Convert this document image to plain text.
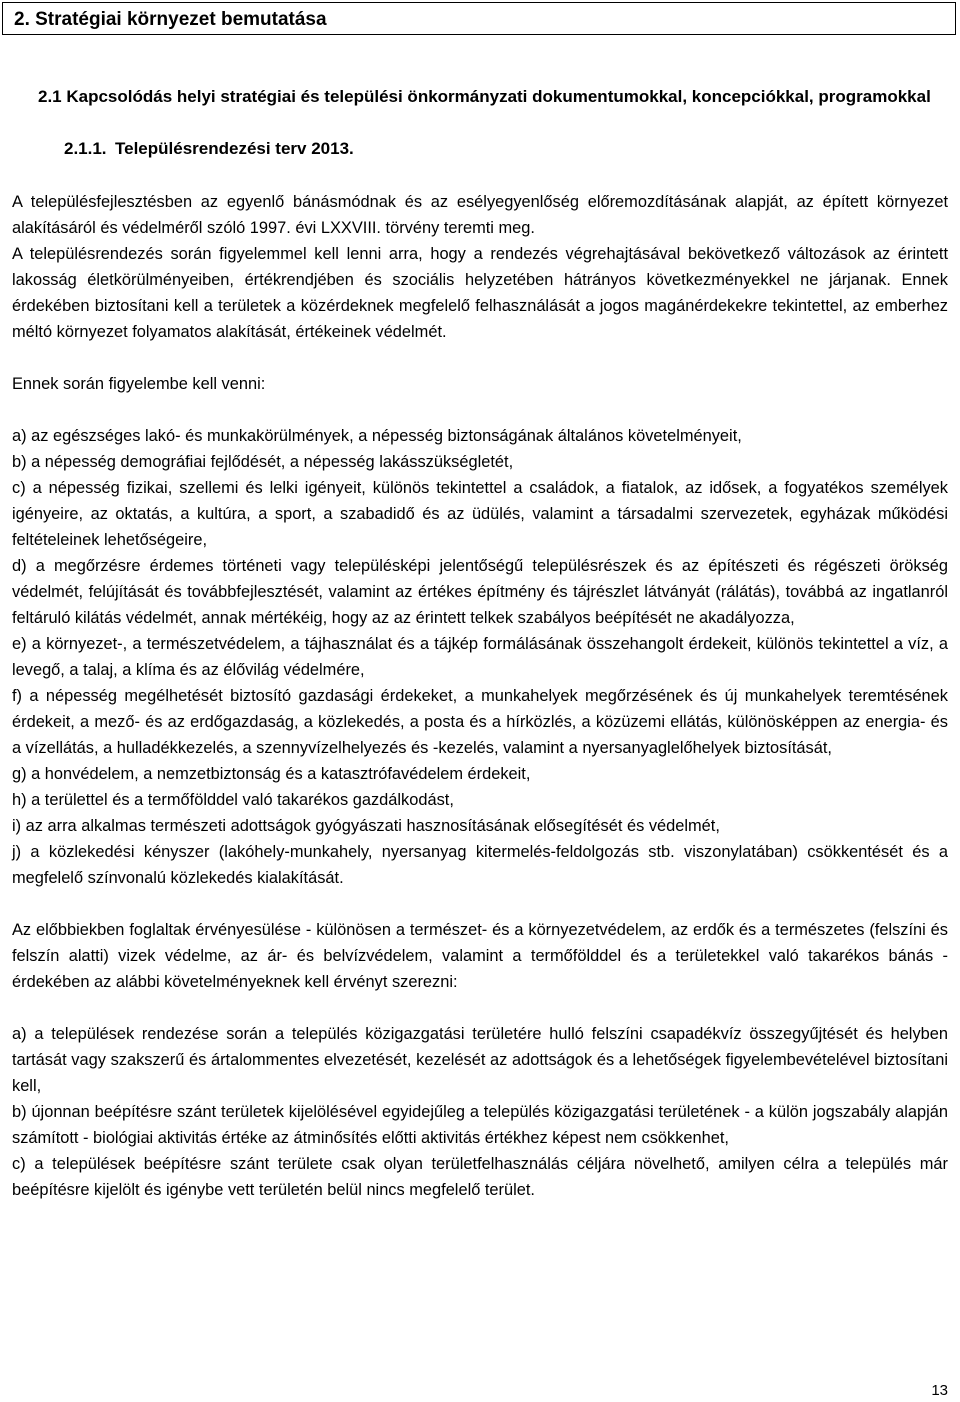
2. Stratégiai környezet bemutatása
2.1 Kapcsolódás helyi stratégiai és települési önkormányzati dokumentumokkal, koncepciókkal, programokkal
2.1.1. Településrendezési terv 2013.

A településfejlesztésben az egyenlő bánásmódnak és az esélyegyenlőség előremozdításának alapját, az épített környezet alakításáról és védelméről szóló 1997. évi LXXVIII. törvény teremti meg.

A településrendezés során figyelemmel kell lenni arra, hogy a rendezés végrehajtásával bekövetkező változások az érintett lakosság életkörülményeiben, értékrendjében és szociális helyzetében hátrányos következményekkel ne járjanak. Ennek érdekében biztosítani kell a területek a közérdeknek megfelelő felhasználását a jogos magánérdekekre tekintettel, az emberhez méltó környezet folyamatos alakítását, értékeinek védelmét.

Ennek során figyelembe kell venni:

a) az egészséges lakó- és munkakörülmények, a népesség biztonságának általános követelményeit,

b) a népesség demográfiai fejlődését, a népesség lakásszükségletét,

c) a népesség fizikai, szellemi és lelki igényeit, különös tekintettel a családok, a fiatalok, az idősek, a fogyatékos személyek igényeire, az oktatás, a kultúra, a sport, a szabadidő és az üdülés, valamint a társadalmi szervezetek, egyházak működési feltételeinek lehetőségeire,

d) a megőrzésre érdemes történeti vagy településképi jelentőségű településrészek és az építészeti és régészeti örökség védelmét, felújítását és továbbfejlesztését, valamint az értékes építmény és tájrészlet látványát (rálátás), továbbá az ingatlanról feltáruló kilátás védelmét, annak mértékéig, hogy az az érintett telkek szabályos beépítését ne akadályozza,

e) a környezet-, a természetvédelem, a tájhasználat és a tájkép formálásának összehangolt érdekeit, különös tekintettel a víz, a levegő, a talaj, a klíma és az élővilág védelmére,

f) a népesség megélhetését biztosító gazdasági érdekeket, a munkahelyek megőrzésének és új munkahelyek teremtésének érdekeit, a mező- és az erdőgazdaság, a közlekedés, a posta és a hírközlés, a közüzemi ellátás, különösképpen az energia- és a vízellátás, a hulladékkezelés, a szennyvízelhelyezés és -kezelés, valamint a nyersanyaglelőhelyek biztosítását,

g) a honvédelem, a nemzetbiztonság és a katasztrófavédelem érdekeit,

h) a területtel és a termőfölddel való takarékos gazdálkodást,

i) az arra alkalmas természeti adottságok gyógyászati hasznosításának elősegítését és védelmét,

j) a közlekedési kényszer (lakóhely-munkahely, nyersanyag kitermelés-feldolgozás stb. viszonylatában) csökkentését és a megfelelő színvonalú közlekedés kialakítását.

Az előbbiekben foglaltak érvényesülése - különösen a természet- és a környezetvédelem, az erdők és a természetes (felszíni és felszín alatti) vizek védelme, az ár- és belvízvédelem, valamint a termőfölddel és a területekkel való takarékos bánás - érdekében az alábbi követelményeknek kell érvényt szerezni:

a) a települések rendezése során a település közigazgatási területére hulló felszíni csapadékvíz összegyűjtését és helyben tartását vagy szakszerű és ártalommentes elvezetését, kezelését az adottságok és a lehetőségek figyelembevételével biztosítani kell,

b) újonnan beépítésre szánt területek kijelölésével egyidejűleg a település közigazgatási területének - a külön jogszabály alapján számított - biológiai aktivitás értéke az átminősítés előtti aktivitás értékhez képest nem csökkenhet,

c) a települések beépítésre szánt területe csak olyan területfelhasználás céljára növelhető, amilyen célra a település már beépítésre kijelölt és igénybe vett területén belül nincs megfelelő terület.

13
